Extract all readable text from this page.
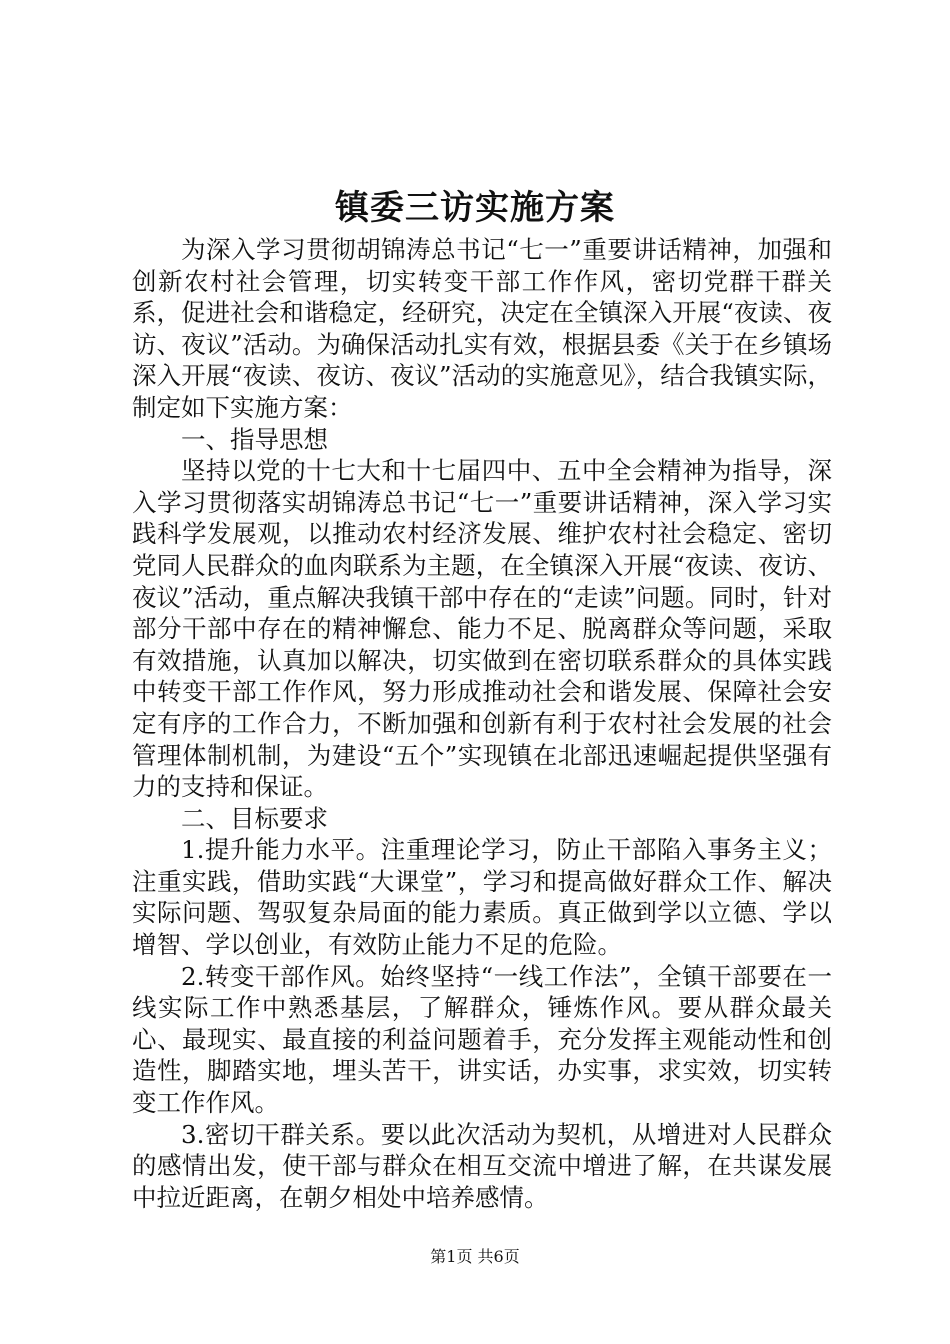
镇委三访实施方案

为深入学习贯彻胡锦涛总书记“七一”重要讲话精神，加强和创新农村社会管理，切实转变干部工作作风，密切党群干群关系，促进社会和谐稳定，经研究，决定在全镇深入开展“夜读、夜访、夜议”活动。为确保活动扎实有效，根据县委《关于在乡镇场深入开展“夜读、夜访、夜议”活动的实施意见》，结合我镇实际，制定如下实施方案：

一、指导思想

坚持以党的十七大和十七届四中、五中全会精神为指导，深入学习贯彻落实胡锦涛总书记“七一”重要讲话精神，深入学习实践科学发展观，以推动农村经济发展、维护农村社会稳定、密切党同人民群众的血肉联系为主题，在全镇深入开展“夜读、夜访、夜议”活动，重点解决我镇干部中存在的“走读”问题。同时，针对部分干部中存在的精神懈怠、能力不足、脱离群众等问题，采取有效措施，认真加以解决，切实做到在密切联系群众的具体实践中转变干部工作作风，努力形成推动社会和谐发展、保障社会安定有序的工作合力，不断加强和创新有利于农村社会发展的社会管理体制机制，为建设“五个”实现镇在北部迅速崛起提供坚强有力的支持和保证。

二、目标要求

1.提升能力水平。注重理论学习，防止干部陷入事务主义；注重实践，借助实践“大课堂”，学习和提高做好群众工作、解决实际问题、驾驭复杂局面的能力素质。真正做到学以立德、学以增智、学以创业，有效防止能力不足的危险。

2.转变干部作风。始终坚持“一线工作法”，全镇干部要在一线实际工作中熟悉基层，了解群众，锤炼作风。要从群众最关心、最现实、最直接的利益问题着手，充分发挥主观能动性和创造性，脚踏实地，埋头苦干，讲实话，办实事，求实效，切实转变工作作风。

3.密切干群关系。要以此次活动为契机，从增进对人民群众的感情出发，使干部与群众在相互交流中增进了解，在共谋发展中拉近距离，在朝夕相处中培养感情。

第1页 共6页
